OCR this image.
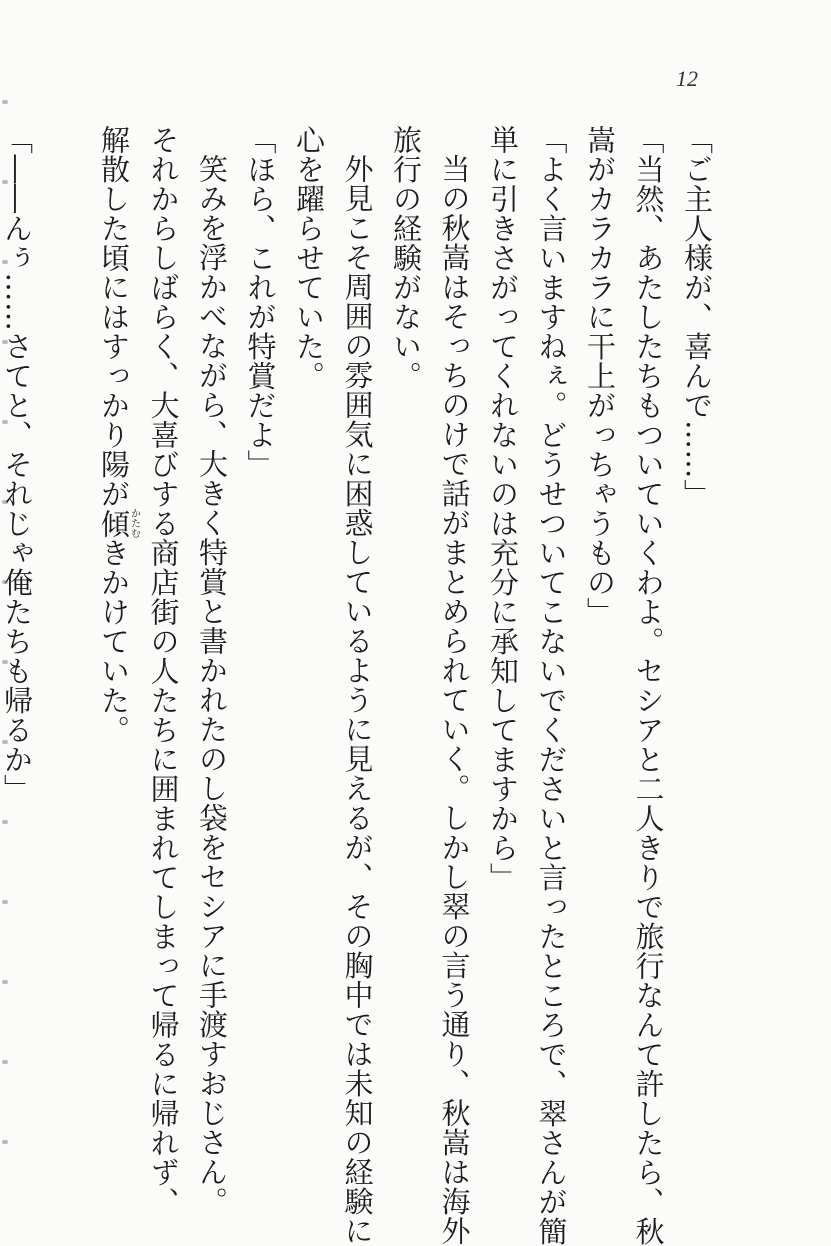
12
「ご主人様が、喜んで……」
「当然、あたしたちもついていくわよ。セシアと二人きりで旅行なんて許したら、秋
嵩がカラカラに干上がっちゃうもの」
「よく言いますねぇ。どうせついてこないでくださいと言ったところで、翠さんが簡
単に引きさがってくれないのは充分に承知してますから」
当の秋嵩はそっちのけで話がまとめられていく。しかし翠の言う通り、秋嵩は海外
旅行の経験がない。
外見こそ周囲の雰囲気に困惑しているように見えるが、その胸中では未知の経験に
心を躍らせていた。
「ほら、これが特賞だよ」
笑みを浮かべながら、大きく特賞と書かれたのし袋をセシアに手渡すおじさん。
それからしばらく、大喜びする商店街の人たちに囲まれてしまって帰るに帰れず、
解散した頃にはすっかり陽が傾かたむきかけていた。
「――んぅ……さてと、それじゃ俺たちも帰るか」
